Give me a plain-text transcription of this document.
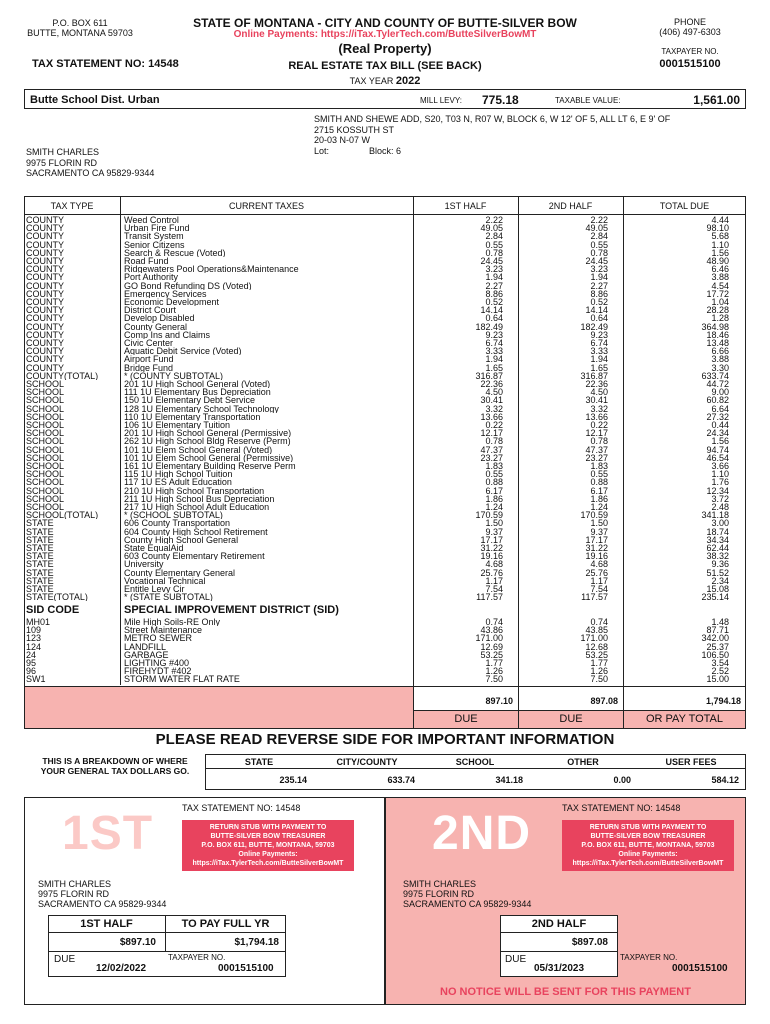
P.O. BOX 611
BUTTE, MONTANA 59703
STATE OF MONTANA - CITY AND COUNTY OF BUTTE-SILVER BOW
Online Payments: https://iTax.TylerTech.com/ButteSilverBowMT
(Real Property)
PHONE
(406) 497-6303
TAXPAYER NO.
0001515100
TAX STATEMENT NO: 14548	REAL ESTATE TAX BILL (SEE BACK)
TAX YEAR 2022
Butte School Dist. Urban	MILL LEVY: 775.18	TAXABLE VALUE:	1,561.00
SMITH AND SHEWE ADD, S20, T03 N, R07 W, BLOCK 6, W 12' OF 5, ALL LT 6, E 9' OF
2715 KOSSUTH ST
20-03 N-07 W
Lot:                Block: 6
SMITH CHARLES
9975 FLORIN RD
SACRAMENTO CA 95829-9344
TAX TYPE	CURRENT TAXES	1ST HALF	2ND HALF	TOTAL DUE
COUNTY	Weed Control	2.22	2.22	4.44
COUNTY	Urban Fire Fund	49.05	49.05	98.10
COUNTY	Transit System	2.84	2.84	5.68
COUNTY	Senior Citizens	0.55	0.55	1.10
COUNTY	Search & Rescue (Voted)	0.78	0.78	1.56
COUNTY	Road Fund	24.45	24.45	48.90
COUNTY	Ridgewaters Pool Operations&Maintenance	3.23	3.23	6.46
COUNTY	Port Authority	1.94	1.94	3.88
COUNTY	GO Bond Refunding DS (Voted)	2.27	2.27	4.54
COUNTY	Emergency Services	8.86	8.86	17.72
COUNTY	Economic Development	0.52	0.52	1.04
COUNTY	District Court	14.14	14.14	28.28
COUNTY	Develop Disabled	0.64	0.64	1.28
COUNTY	County General	182.49	182.49	364.98
COUNTY	Comp Ins and Claims	9.23	9.23	18.46
COUNTY	Civic Center	6.74	6.74	13.48
COUNTY	Aquatic Debit Service (Voted)	3.33	3.33	6.66
COUNTY	Airport Fund	1.94	1.94	3.88
COUNTY	Bridge Fund	1.65	1.65	3.30
COUNTY(TOTAL)	* (COUNTY SUBTOTAL)	316.87	316.87	633.74
SCHOOL	201 1U High School General (Voted)	22.36	22.36	44.72
SCHOOL	111 1U Elementary Bus Depreciation	4.50	4.50	9.00
SCHOOL	150 1U Elementary Debt Service	30.41	30.41	60.82
SCHOOL	128 1U Elementary School Technology	3.32	3.32	6.64
SCHOOL	110 1U Elementary Transportation	13.66	13.66	27.32
SCHOOL	106 1U Elementary Tuition	0.22	0.22	0.44
SCHOOL	201 1U High School General (Permissive)	12.17	12.17	24.34
SCHOOL	262 1U High School Bldg Reserve (Perm)	0.78	0.78	1.56
SCHOOL	101 1U Elem School General (Voted)	47.37	47.37	94.74
SCHOOL	101 1U Elem School General (Permissive)	23.27	23.27	46.54
SCHOOL	161 1U Elementary Building Reserve Perm	1.83	1.83	3.66
SCHOOL	115 1U High School Tuition	0.55	0.55	1.10
SCHOOL	117 1U ES Adult Education	0.88	0.88	1.76
SCHOOL	210 1U High School Transportation	6.17	6.17	12.34
SCHOOL	211 1U High School Bus Depreciation	1.86	1.86	3.72
SCHOOL	217 1U High School Adult Education	1.24	1.24	2.48
SCHOOL(TOTAL)	* (SCHOOL SUBTOTAL)	170.59	170.59	341.18
STATE	606 County Transportation	1.50	1.50	3.00
STATE	604 County High School Retirement	9.37	9.37	18.74
STATE	County High School General	17.17	17.17	34.34
STATE	State EqualAid	31.22	31.22	62.44
STATE	603 County Elementary Retirement	19.16	19.16	38.32
STATE	University	4.68	4.68	9.36
STATE	County Elementary General	25.76	25.76	51.52
STATE	Vocational Technical	1.17	1.17	2.34
STATE	Entitle Levy Cir	7.54	7.54	15.08
STATE(TOTAL)	* (STATE SUBTOTAL)	117.57	117.57	235.14
SID CODE	SPECIAL IMPROVEMENT DISTRICT (SID)
MH01	Mile High Soils-RE Only	0.74	0.74	1.48
109	Street Maintenance	43.86	43.85	87.71
123	METRO SEWER	171.00	171.00	342.00
124	LANDFILL	12.69	12.68	25.37
24	GARBAGE	53.25	53.25	106.50
95	LIGHTING #400	1.77	1.77	3.54
96	FIREHYDT #402	1.26	1.26	2.52
SW1	STORM WATER FLAT RATE	7.50	7.50	15.00
897.10	897.08	1,794.18
DUE	DUE	OR PAY TOTAL
PLEASE READ REVERSE SIDE FOR IMPORTANT INFORMATION
THIS IS A BREAKDOWN OF WHERE YOUR GENERAL TAX DOLLARS GO.
STATE
235.14
CITY/COUNTY
633.74
SCHOOL
341.18
OTHER
0.00
USER FEES
584.12
1ST	TAX STATEMENT NO: 14548
RETURN STUB WITH PAYMENT TO
BUTTE-SILVER BOW TREASURER
P.O. BOX 611, BUTTE, MONTANA, 59703
Online Payments:
https://iTax.TylerTech.com/ButteSilverBowMT
SMITH CHARLES
9975 FLORIN RD
SACRAMENTO CA 95829-9344
1ST HALF	TO PAY FULL YR
$897.10	$1,794.18
DUE
12/02/2022
TAXPAYER NO.
0001515100
2ND	TAX STATEMENT NO: 14548
RETURN STUB WITH PAYMENT TO
BUTTE-SILVER BOW TREASURER
P.O. BOX 611, BUTTE, MONTANA, 59703
Online Payments:
https://iTax.TylerTech.com/ButteSilverBowMT
SMITH CHARLES
9975 FLORIN RD
SACRAMENTO CA 95829-9344
2ND HALF
$897.08
DUE
05/31/2023
TAXPAYER NO.
0001515100
NO NOTICE WILL BE SENT FOR THIS PAYMENT
